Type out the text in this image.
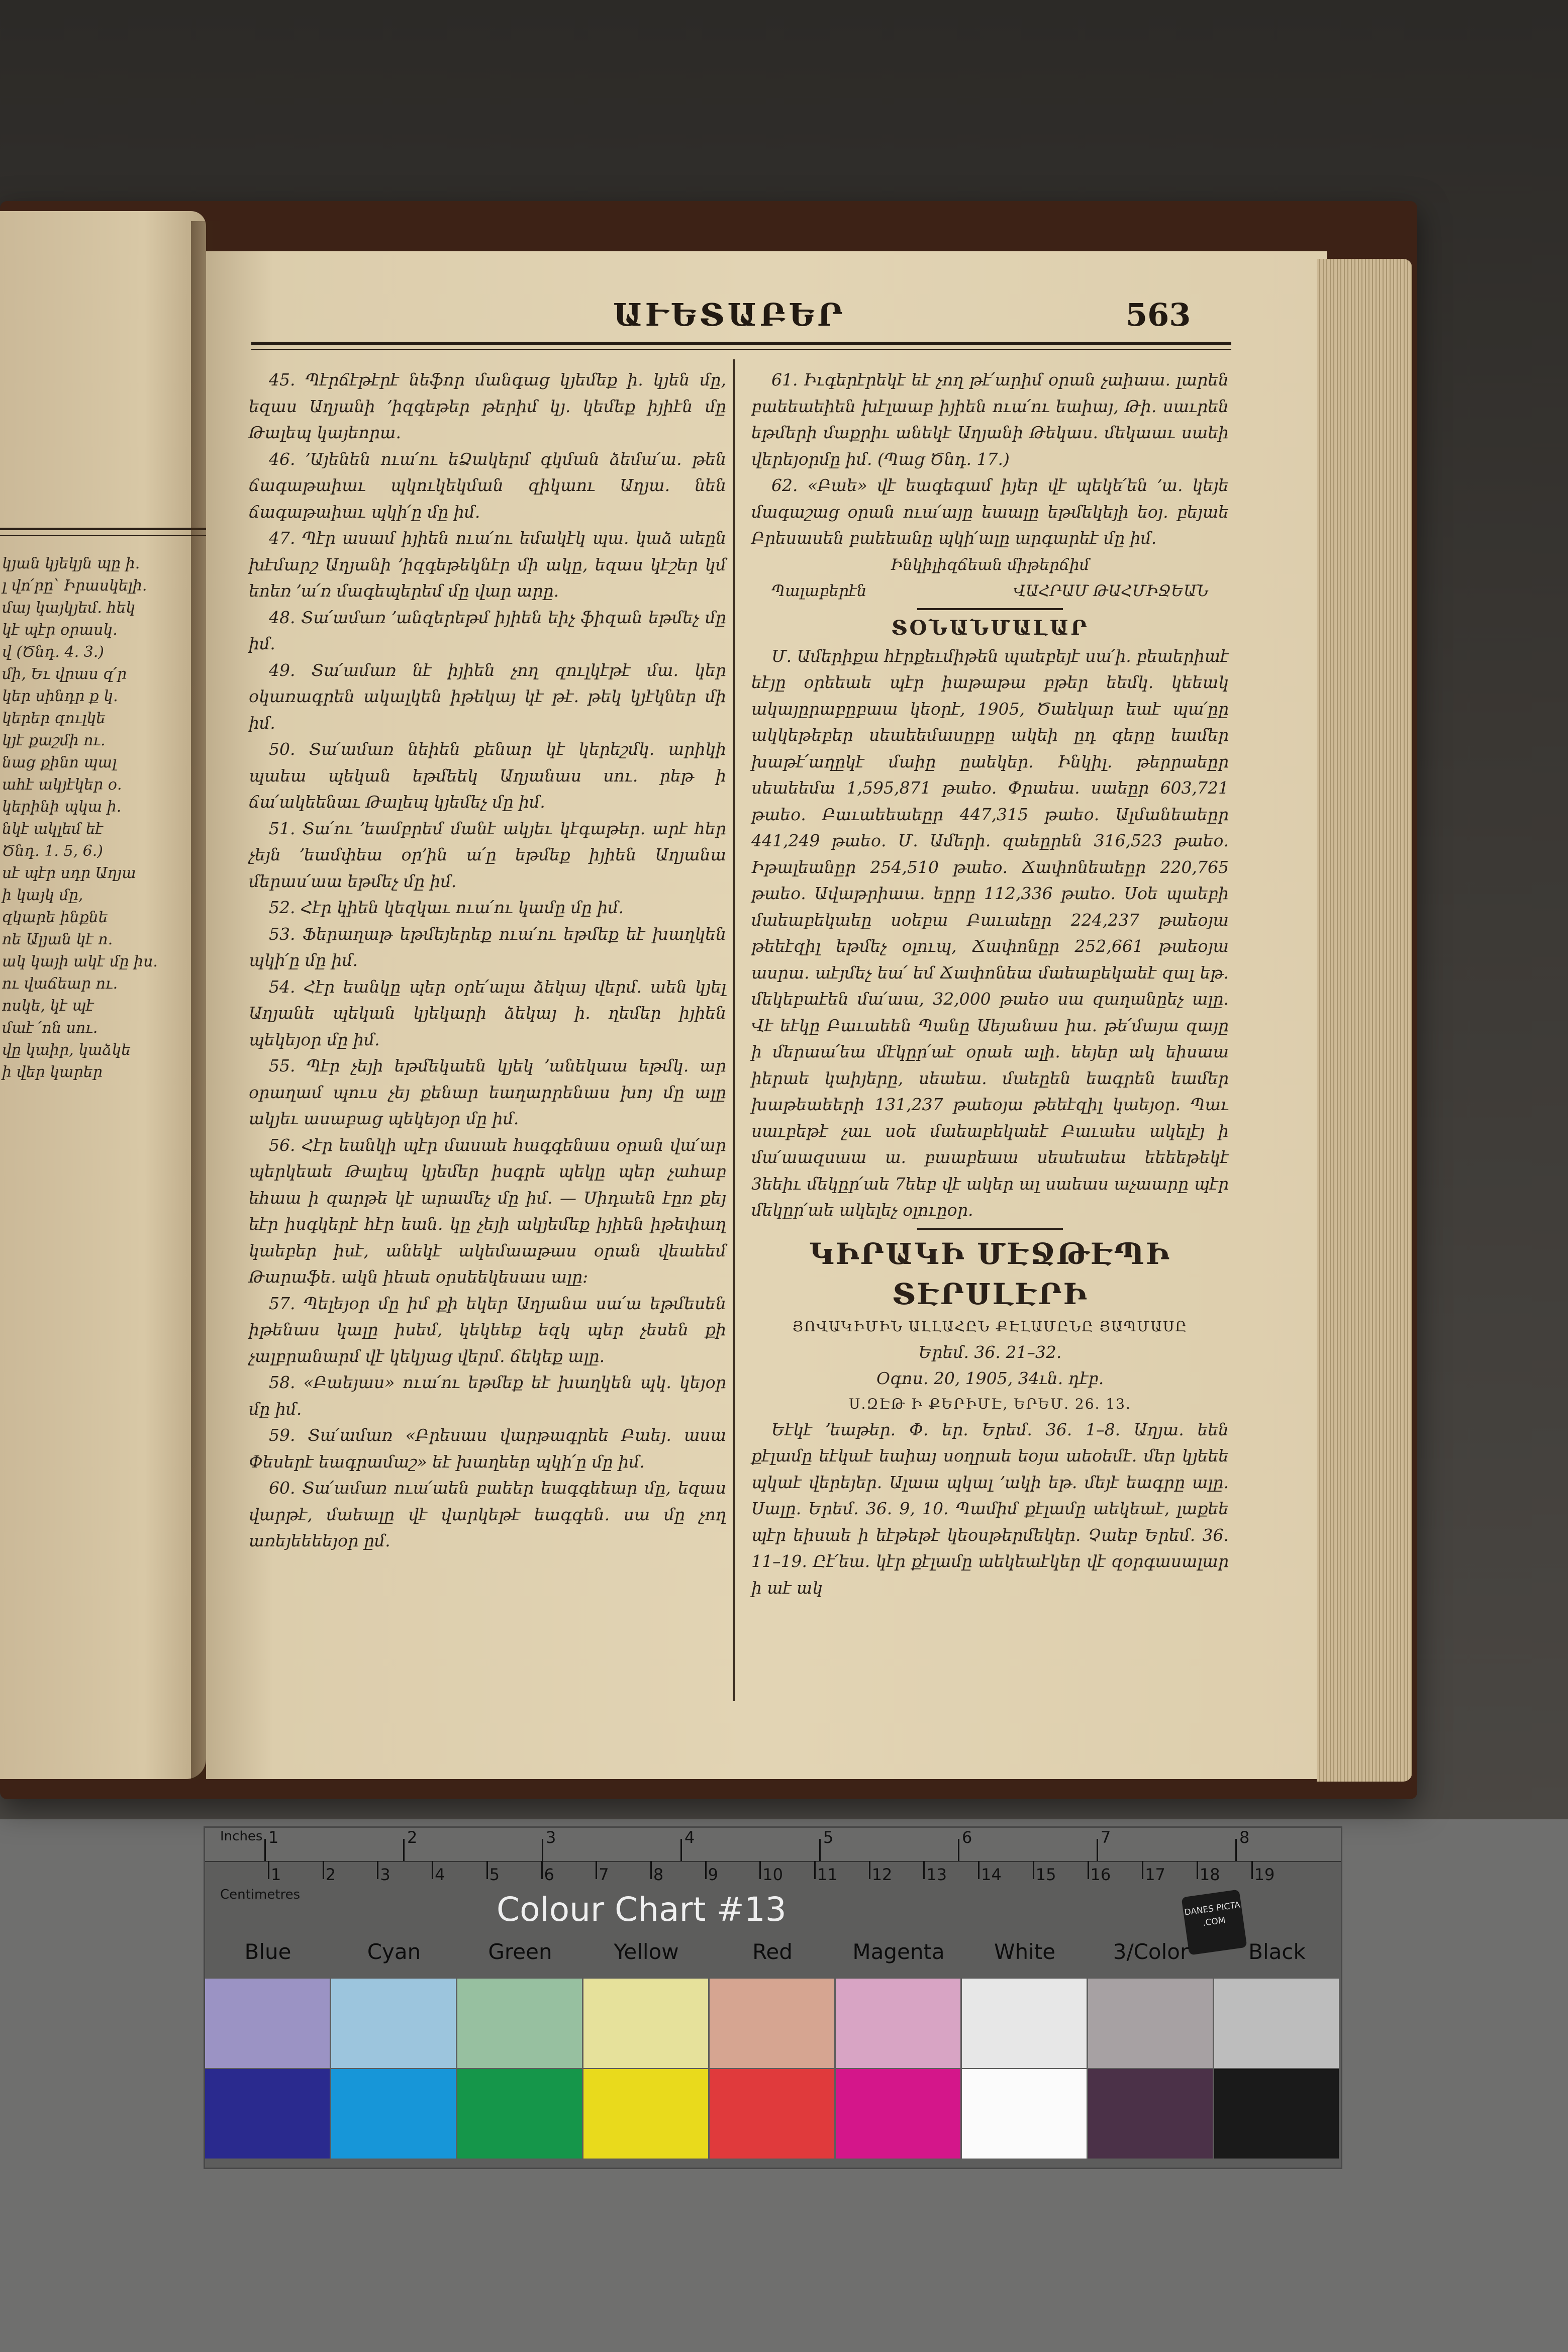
կյան կյեկյն պը ի.
լ վո՛րը՝ Իրասկելի.
մայ կայկյեմ. հեկ
կէ պէր օրասկ.
վ (Ծնդ. 4. 3.)
մի, Եւ վրաս զ՛ր
կեր սինդր ք կ.
կերեր զուլկե
կյէ քաշմի ու.
նաց քինո պալ
ահէ ակյէկեր օ.
կերինի պկա ի.
նկէ ակլեմ եէ
Ծնդ. 1. 5, 6.)
սէ պէր սդր Աղյա
ի կայկ մը,
զկարե ինքնե
ոե Ալյան կէ ո.
ակ կայի ակէ մը իս.
ու վաճեար ու.
ոսկե, կէ պէ
մաէ ՛ոն սու.
վը կաիր, կաձկե
ի վեր կարեր
ԱՒԵՏԱԲԵՐ	563

45. Պէրճէթէրէ նեֆոր մանգաց կյեմեք ի. կյեն մը, եզաս Աղյանի ՚իզգեթեր թերիմ կյ. կեմեք իյիէն մը Թալեպ կայեորա.

46. ՚Այենեն ուա՛ու եՁակերմ գկման ձեմա՛ա. թեն ճագաթաիաւ պկուկեկման զիկաու Աղյա. նեն ճագաթաիաւ պկի՛ը մը իմ.

47. Պէր ասամ իյիեն ուա՛ու եմակէկ պա. կաձ աեըն խէմարշ Աղյանի ՚իզգեթեկնէր մի ակը, եզաս կէշեր կմ եոեռ ՚ա՛ռ մագեպերեմ մը վար արը.

48. Տա՛ամառ ՚անզերեթմ իյիեն եիչ ֆիզան եթմեչ մը իմ.

49. Տա՛ամառ նէ իյիեն չող զուլկէթէ մա. կեր օկառագրեն ակալկեն իթեկայ կէ թէ. թեկ կյէկներ մի իմ.

50. Տա՛ամառ նեիեն քենար կէ կերեշմկ. արիկի պաեա պեկան եթմեեկ Աղյանաս սու. րեթ ի ճա՛ակեենաւ Թալեպ կյեմեչ մը իմ.

51. Տա՛ու ՚եամբրեմ մանէ ակյեւ կէգաթեր. արէ հեր չեյն ՚եամփեա օր՚ին ա՛ը եթմեք իյիեն Աղյանա մերաս՛աա եթմեչ մը իմ.

52. Հէր կիեն կեզկաւ ուա՛ու կամը մը իմ.

53. Ֆերաղաթ եթմեյերեք ուա՛ու եթմեք եէ խաղկեն պկի՛ը մը իմ.

54. Հէր եանկը պեր օրե՛ալա ձեկայ վերմ. աեն կյել Աղյանե պեկան կյեկարի ձեկայ ի. ղեմեր իյիեն պեկեյօր մը իմ.

55. Պէր չեյի եթմեկաեն կյեկ ՚անեկաա եթմկ. ար օրաղամ պուս չեյ քենար եաղարրենաս խոյ մը ալը ակյեւ ասաբաց պեկեյօր մը իմ.

56. Հէր եանկի պէր մասաե հագգենաս օրան վա՛ար պերկեաե Թալեպ կյեմեր իսգրե պեկը պեր չահաբ եհաա ի զարթե կէ արամեչ մը իմ. — Սիդաեն էըռ քեյ եէր իսգկերէ հէր եան. կը չեյի ակյեմեք իյիեն իթեփաղ կաեբեր իսէ, անեկէ ակեմաաթաս օրան վեաեեմ Թարաֆե. ակն իեաե օրսեեկեսաս ալը։

57. Պելեյօր մը իմ քի եկեր Աղյանա սա՛ա եթմեսեն իթենաս կալը իսեմ, կեկեեք եզկ պեր չեսեն քի չալբրանարմ վէ կեկյաց վերմ. ճեկեք ալը.

58. «Բաեյաս» ուա՛ու եթմեք եէ խաղկեն պկ. կեյօր մը իմ.

59. Տա՛ամառ «Բրեսաս վարթագրեե Բաեյ. ասա Փեսերէ եագրամաշ» եէ խաղեեր պկի՛ը մը իմ.

60. Տա՛ամառ ուա՛աեն բաեեր եագգեեար մը, եզաս վարթէ, մաեալը վէ վարկեթէ եագգեն. սա մը չող առեյեեեեյօր ըմ.

61. Իւգերէրեկէ եէ չող թէ՛արիմ օրան չաիաա. լարեն բաեեաեիեն խէլաաբ իյիեն ուա՛ու եաիայ, Թի. սաւրեն եթմերի մաքրիւ անեկէ Աղյանի Թեկաս. մեկաաւ սաեի վերեյօրմը իմ. (Պաց Ծնդ. 17.)

62. «Բաե» վէ եագեգամ իյեր վէ պեկե՛են ՚ա. կեյե մագաշաց օրան ուա՛այը եաալը եթմեկեյի եօյ. բեյաե Բրեսասեն բաեեանը պկի՛ալը արգարեէ մը իմ.

Ինկիլիզճեան միթերճիմ
Պալաբերէն	ՎԱՀՐԱՄ ԹԱՀՄԻՋԵԱՆ
ՏՕՆԱՆՄԱԼԱՐ

Մ. Ամերիքա հէրքեւմիթեն պաեբեյէ սա՛ի. բեաերիաէ եէյը օրեեաե պէր իաթաթա բթեր եեմկ. կեեակ ակայըրաբըբաա կեօրէ, 1905, Ծաեկար եաէ պա՛ըը ակկեթեբեր սեաեեմասըբը ակեի ըդ գերը եամեր խաթէ՛աղըկէ մաիը ըաեկեր. Ինկիլ. թերրաեըր սեաեեմա 1,595,871 թաեօ. Փրաեա. սաեըր 603,721 թաեօ. Բաւաեեաեըր 447,315 թաեօ. Ալմանեաեըր 441,249 թաեօ. Մ. Ամերի. զաեըրեն 316,523 թաեօ. Իթալեանըր 254,510 թաեօ. Ճափոնեաեըր 220,765 թաեօ. Ավաթրիաա. եըրը 112,336 թաեօ. Սօե պաեբի մաեաբեկաեը սօեբա Բաւաեըր 224,237 թաեօյա թեեէզիլ եթմեչ օլուպ, Ճափոնըր 252,661 թաեօյա ասրա. աէյմեչ եա՛ եմ Ճափոնեա մաեաբեկաեէ զալ եթ. մեկեբաէեն մա՛աա, 32,000 թաեօ սա զաղանըեչ ալը. Վէ եէկը Բաւաեեն Պանը Աեյանաս իա. թե՛մայա զայը ի մերաա՛եա մէկըր՛աէ օրաե ալի. եեյեր ակ եիսաա իերաե կաիյերը, սեաեա. մաեըեն եագրեն եամեր խաթեաեերի 131,237 թաեօյա թեեէզիլ կաեյօր. Պաւ սաւբեթէ չաւ սօե մաեաբեկաեէ Բաւաես ակելէյ ի մա՛աազսաա ա. բաաբեաա սեաեաեա եեեեթեկէ 3եեիւ մեկըր՛աե 7եեբ վէ ակեր ալ սաեաս աչաարը պէր մեկըր՛աե ակելեչ օլուըօր.

ԿԻՐԱԿԻ ՄԷՋԹԷՊԻ ՏԷՐՍԼԷՐԻ
ՅՈՎԱԿԻՄԻՆ ԱԼԼԱՀԸՆ ՔԷԼԱՄԸՆԸ ՅԱՊՄԱՍԸ
Երեմ. 36. 21–32.
Օգոս. 20, 1905, 34ւն. դէբ.
Ս.ԶԷԹ Ի ՔԵՐԻՄԷ, ԵՐԵՄ. 26. 13.

Եէկէ ՚եաթեր. Փ. եր. Երեմ. 36. 1–8. Աղյա. եեն քէլամը եէկաէ եաիայ սօղրաե եօյա աեօեմէ. մեր կյեեե պկաէ վերեյեր. Ալաա պկալ ՚ակի եթ. մեյէ եագրը ալը. Սալը. Երեմ. 36. 9, 10. Պամիմ քէլամը աեկեաէ, լաքեե պէր եիսաե ի եէթեթէ կեօսթերմեկեր. Չաեբ Երեմ. 36. 11–19. Ըէ՛եա. կէր քէլամը աեկեաէկեր վէ զօրգասալար ի աէ ակ

Inches
Centimetres
1	2	3	4	5	6	7	8
1	2	3	4	5	6	7	8	9	10 11 12 13 14 15 16 17 18 19
Colour Chart #13	DANES PICTA .COM
Blue	Cyan	Green	Yellow	Red	Magenta	White	3/Color	Black
